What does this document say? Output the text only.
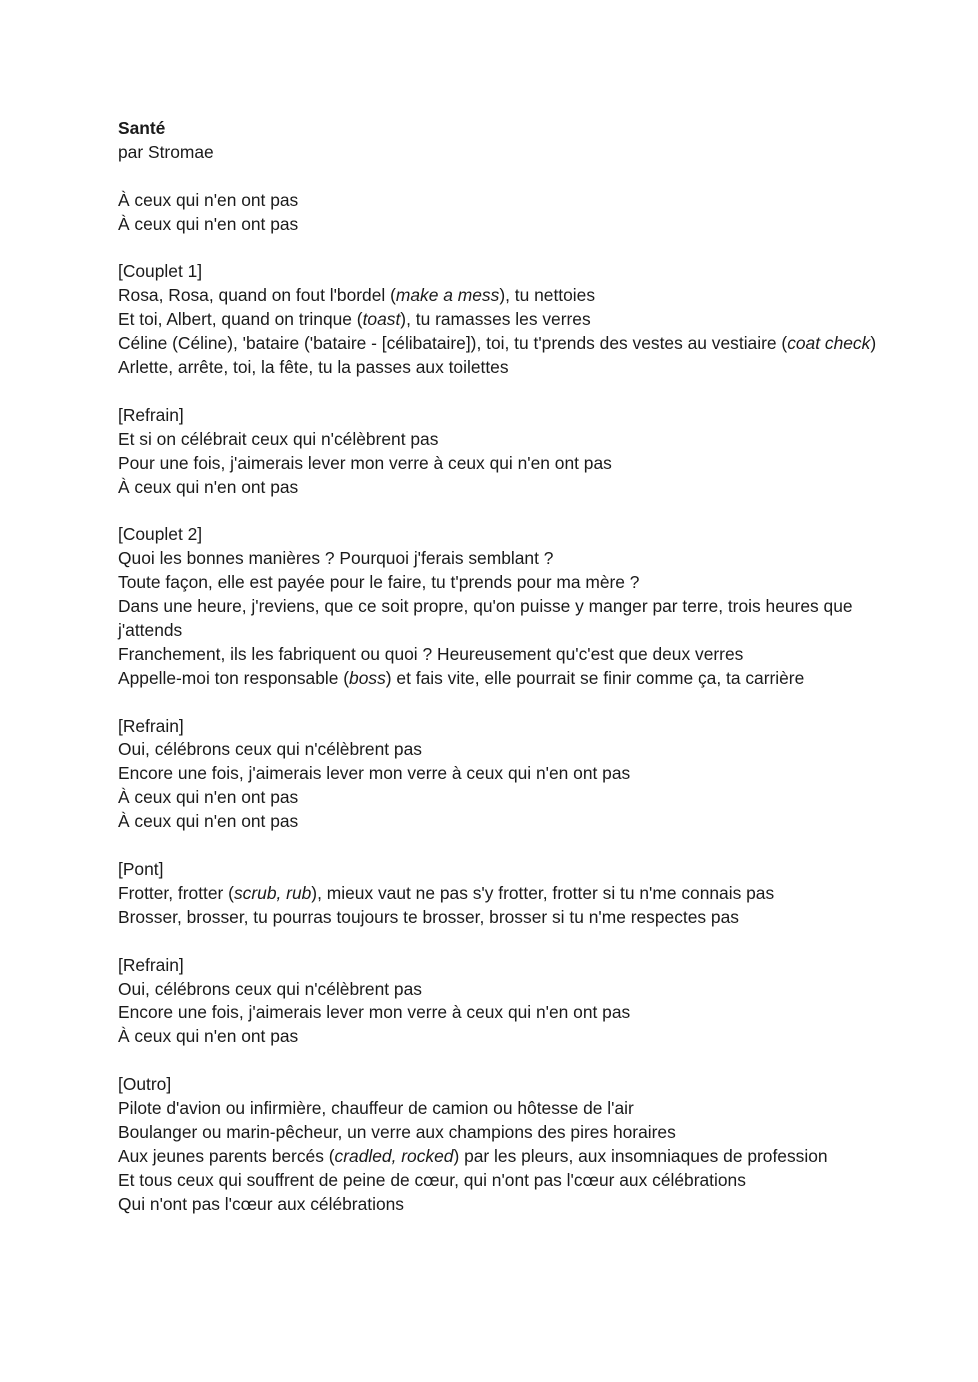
Santé

par Stromae

À ceux qui n'en ont pas

À ceux qui n'en ont pas

[Couplet 1]

Rosa, Rosa, quand on fout l'bordel (make a mess), tu nettoies

Et toi, Albert, quand on trinque (toast), tu ramasses les verres

Céline (Céline), 'bataire ('bataire - [célibataire]), toi, tu t'prends des vestes au vestiaire (coat check)

Arlette, arrête, toi, la fête, tu la passes aux toilettes

[Refrain]

Et si on célébrait ceux qui n'célèbrent pas

Pour une fois, j'aimerais lever mon verre à ceux qui n'en ont pas

À ceux qui n'en ont pas

[Couplet 2]

Quoi les bonnes manières ? Pourquoi j'ferais semblant ?

Toute façon, elle est payée pour le faire, tu t'prends pour ma mère ?

Dans une heure, j'reviens, que ce soit propre, qu'on puisse y manger par terre, trois heures que j'attends

Franchement, ils les fabriquent ou quoi ? Heureusement qu'c'est que deux verres

Appelle-moi ton responsable (boss) et fais vite, elle pourrait se finir comme ça, ta carrière

[Refrain]

Oui, célébrons ceux qui n'célèbrent pas

Encore une fois, j'aimerais lever mon verre à ceux qui n'en ont pas

À ceux qui n'en ont pas

À ceux qui n'en ont pas

[Pont]

Frotter, frotter (scrub, rub), mieux vaut ne pas s'y frotter, frotter si tu n'me connais pas

Brosser, brosser, tu pourras toujours te brosser, brosser si tu n'me respectes pas

[Refrain]

Oui, célébrons ceux qui n'célèbrent pas

Encore une fois, j'aimerais lever mon verre à ceux qui n'en ont pas

À ceux qui n'en ont pas

[Outro]

Pilote d'avion ou infirmière, chauffeur de camion ou hôtesse de l'air

Boulanger ou marin-pêcheur, un verre aux champions des pires horaires

Aux jeunes parents bercés (cradled, rocked) par les pleurs, aux insomniaques de profession

Et tous ceux qui souffrent de peine de cœur, qui n'ont pas l'cœur aux célébrations

Qui n'ont pas l'cœur aux célébrations
